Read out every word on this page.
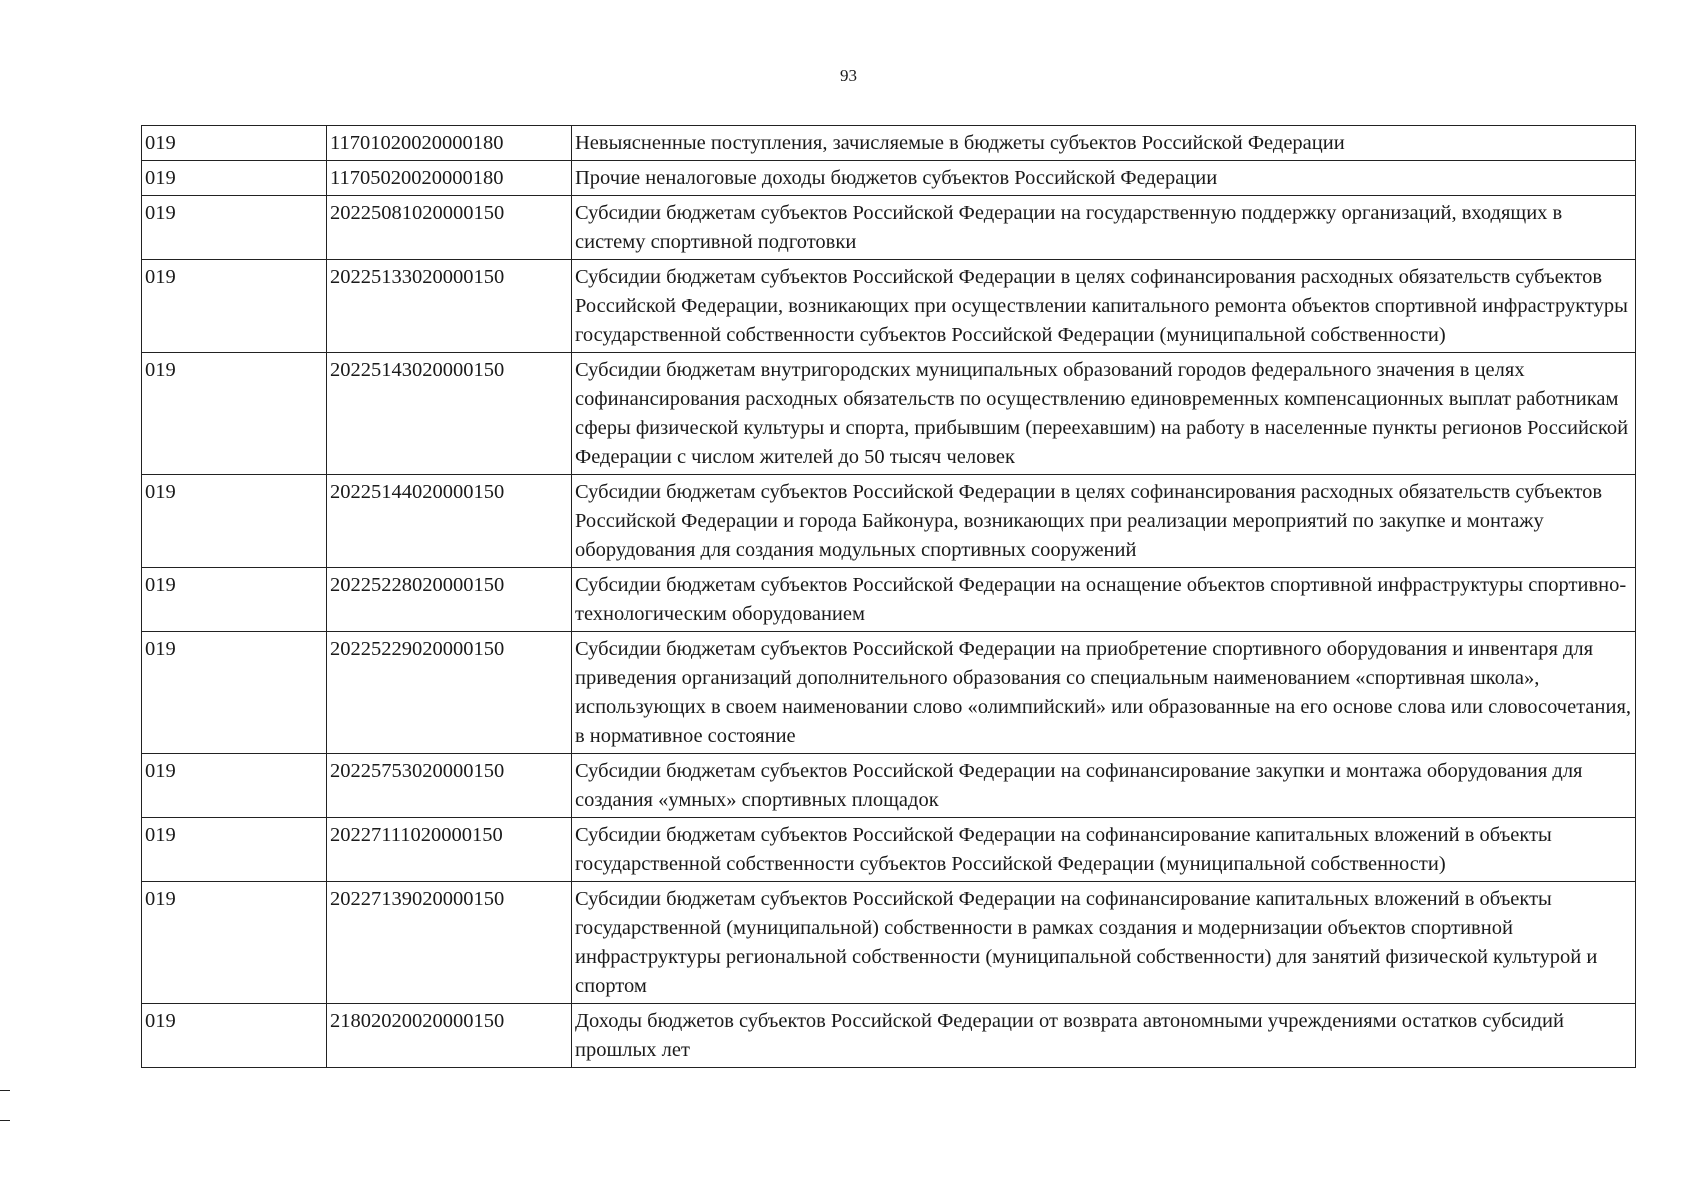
93
019	11701020020000180	Невыясненные поступления, зачисляемые в бюджеты субъектов Российской Федерации
019	11705020020000180	Прочие неналоговые доходы бюджетов субъектов Российской Федерации
019	20225081020000150	Субсидии бюджетам субъектов Российской Федерации на государственную поддержку организаций, входящих в систему спортивной подготовки
019	20225133020000150	Субсидии бюджетам субъектов Российской Федерации в целях софинансирования расходных обязательств субъектов Российской Федерации, возникающих при осуществлении капитального ремонта объектов спортивной инфраструктуры государственной собственности субъектов Российской Федерации (муниципальной собственности)
019	20225143020000150	Субсидии бюджетам внутригородских муниципальных образований городов федерального значения в целях софинансирования расходных обязательств по осуществлению единовременных компенсационных выплат работникам сферы физической культуры и спорта, прибывшим (переехавшим) на работу в населенные пункты регионов Российской Федерации с числом жителей до 50 тысяч человек
019	20225144020000150	Субсидии бюджетам субъектов Российской Федерации в целях софинансирования расходных обязательств субъектов Российской Федерации и города Байконура, возникающих при реализации мероприятий по закупке и монтажу оборудования для создания модульных спортивных сооружений
019	20225228020000150	Субсидии бюджетам субъектов Российской Федерации на оснащение объектов спортивной инфраструктуры спортивно-технологическим оборудованием
019	20225229020000150	Субсидии бюджетам субъектов Российской Федерации на приобретение спортивного оборудования и инвентаря для приведения организаций дополнительного образования со специальным наименованием «спортивная школа», использующих в своем наименовании слово «олимпийский» или образованные на его основе слова или словосочетания, в нормативное состояние
019	20225753020000150	Субсидии бюджетам субъектов Российской Федерации на софинансирование закупки и монтажа оборудования для создания «умных» спортивных площадок
019	20227111020000150	Субсидии бюджетам субъектов Российской Федерации на софинансирование капитальных вложений в объекты государственной собственности субъектов Российской Федерации (муниципальной собственности)
019	20227139020000150	Субсидии бюджетам субъектов Российской Федерации на софинансирование капитальных вложений в объекты государственной (муниципальной) собственности в рамках создания и модернизации объектов спортивной инфраструктуры региональной собственности (муниципальной собственности) для занятий физической культурой и спортом
019	21802020020000150	Доходы бюджетов субъектов Российской Федерации от возврата автономными учреждениями остатков субсидий прошлых лет
